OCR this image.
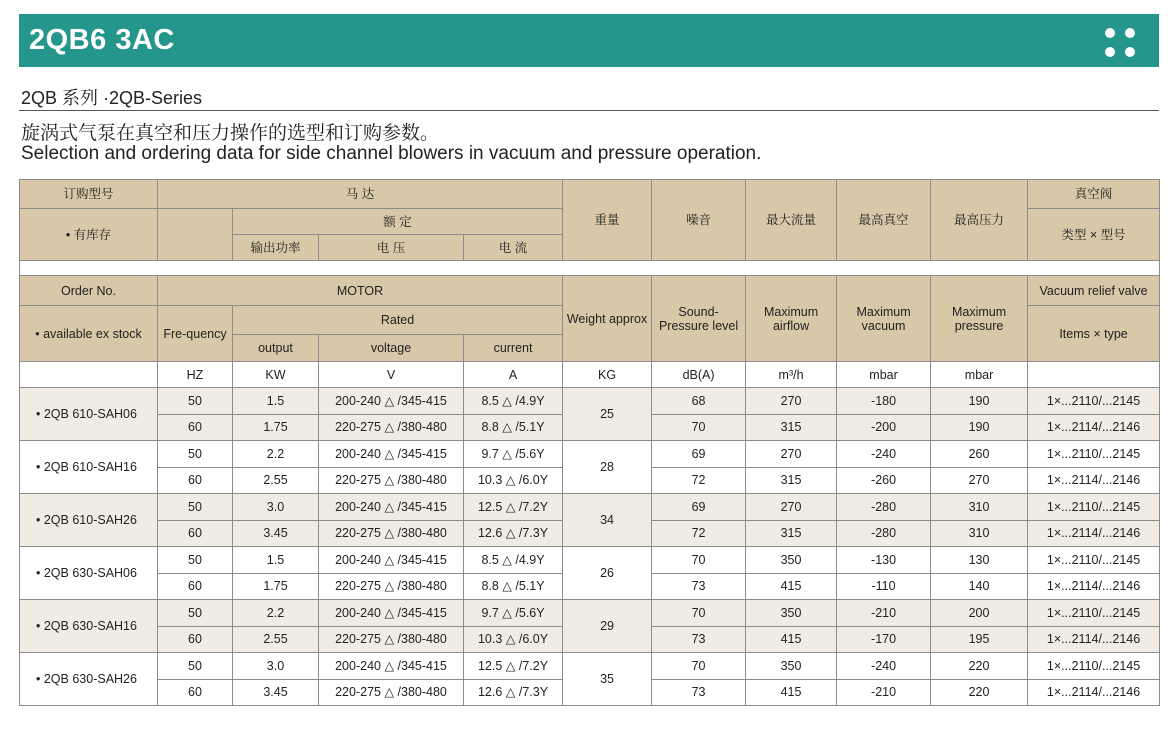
2QB6 3AC
2QB 系列 ·2QB-Series
旋涡式气泵在真空和压力操作的选型和订购参数。
Selection and ordering data for side channel blowers in vacuum and pressure operation.
订购型号	马 达				重量	噪音	最大流量	最高真空	最高压力	真空阀
• 有库存		额 定								类型 × 型号
		输出功率	电 压	电 流						

Order No.	MOTOR				Weight approx	Sound-Pressure level	Maximum airflow	Maximum vacuum	Maximum pressure	Vacuum relief valve
• available ex stock	Fre-quency	Rated								Items × type
		output	voltage	current						
	HZ	KW	V	A	KG	dB(A)	m³/h	mbar	mbar	
• 2QB 610-SAH06	50	1.5	200-240 △ /345-415	8.5 △ /4.9Y	25	68	270	-180	190	1×...2110/...2145
	60	1.75	220-275 △ /380-480	8.8 △ /5.1Y		70	315	-200	190	1×...2114/...2146
• 2QB 610-SAH16	50	2.2	200-240 △ /345-415	9.7 △ /5.6Y	28	69	270	-240	260	1×...2110/...2145
	60	2.55	220-275 △ /380-480	10.3 △ /6.0Y		72	315	-260	270	1×...2114/...2146
• 2QB 610-SAH26	50	3.0	200-240 △ /345-415	12.5 △ /7.2Y	34	69	270	-280	310	1×...2110/...2145
	60	3.45	220-275 △ /380-480	12.6 △ /7.3Y		72	315	-280	310	1×...2114/...2146
• 2QB 630-SAH06	50	1.5	200-240 △ /345-415	8.5 △ /4.9Y	26	70	350	-130	130	1×...2110/...2145
	60	1.75	220-275 △ /380-480	8.8 △ /5.1Y		73	415	-110	140	1×...2114/...2146
• 2QB 630-SAH16	50	2.2	200-240 △ /345-415	9.7 △ /5.6Y	29	70	350	-210	200	1×...2110/...2145
	60	2.55	220-275 △ /380-480	10.3 △ /6.0Y		73	415	-170	195	1×...2114/...2146
• 2QB 630-SAH26	50	3.0	200-240 △ /345-415	12.5 △ /7.2Y	35	70	350	-240	220	1×...2110/...2145
	60	3.45	220-275 △ /380-480	12.6 △ /7.3Y		73	415	-210	220	1×...2114/...2146
